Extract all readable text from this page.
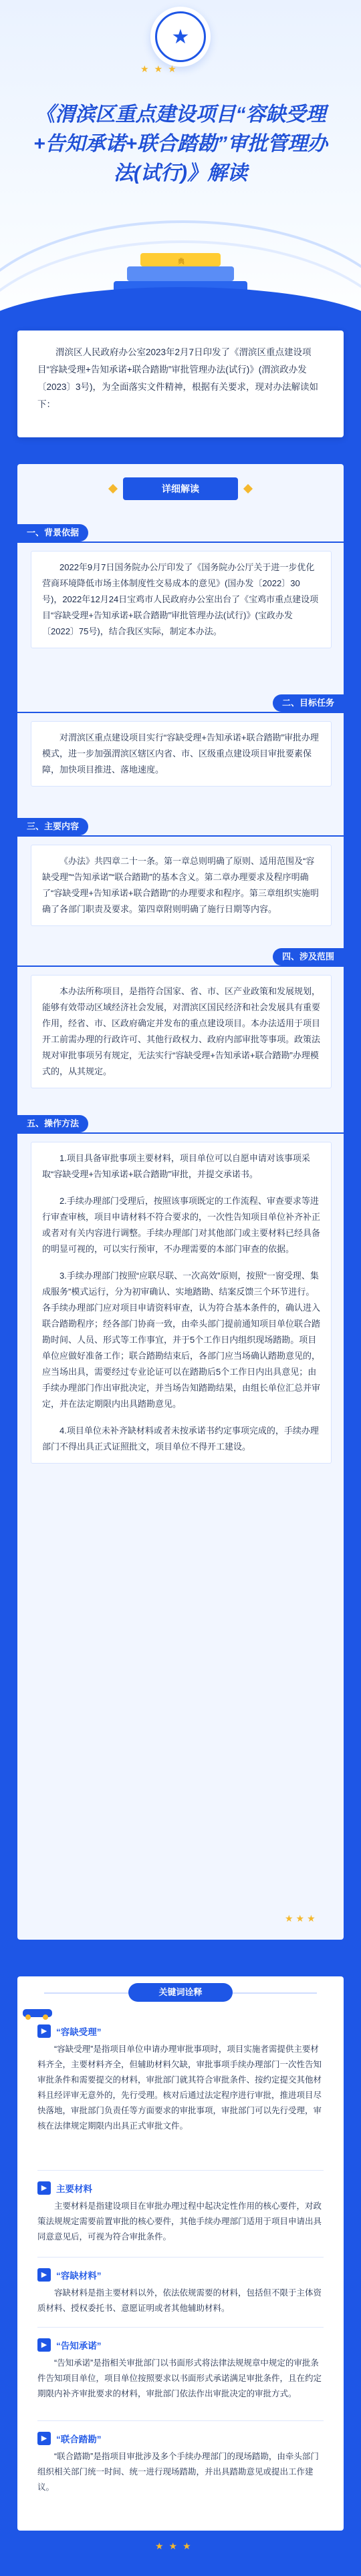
★
★★★
《渭滨区重点建设项目“容缺受理+告知承诺+联合踏勘”审批管理办法(试行)》解读
典

渭滨区人民政府办公室2023年2月7日印发了《渭滨区重点建设项目“容缺受理+告知承诺+联合踏勘”审批管理办法(试行)》(渭滨政办发〔2023〕3号)，为全面落实文件精神，根据有关要求，现对办法解读如下：

详细解读
一、背景依据

2022年9月7日国务院办公厅印发了《国务院办公厅关于进一步优化营商环境降低市场主体制度性交易成本的意见》(国办发〔2022〕30号)，2022年12月24日宝鸡市人民政府办公室出台了《宝鸡市重点建设项目“容缺受理+告知承诺+联合踏勘”审批管理办法(试行)》(宝政办发〔2022〕75号)，结合我区实际，制定本办法。

二、目标任务

对渭滨区重点建设项目实行“容缺受理+告知承诺+联合踏勘”审批办理模式，进一步加强渭滨区辖区内省、市、区级重点建设项目审批要素保障，加快项目推进、落地速度。

三、主要内容

《办法》共四章二十一条。第一章总则明确了原则、适用范围及“容缺受理”“告知承诺”“联合踏勘”的基本含义。第二章办理要求及程序明确了“容缺受理+告知承诺+联合踏勘”的办理要求和程序。第三章组织实施明确了各部门职责及要求。第四章附则明确了施行日期等内容。

四、涉及范围

本办法所称项目，是指符合国家、省、市、区产业政策和发展规划，能够有效带动区域经济社会发展，对渭滨区国民经济和社会发展具有重要作用，经省、市、区政府确定并发布的重点建设项目。本办法适用于项目开工前需办理的行政许可、其他行政权力、政府内部审批等事项。政策法规对审批事项另有规定，无法实行“容缺受理+告知承诺+联合踏勘”办理模式的，从其规定。

五、操作方法

1.项目具备审批事项主要材料，项目单位可以自愿申请对该事项采取“容缺受理+告知承诺+联合踏勘”审批，并提交承诺书。

2.手续办理部门受理后，按照该事项既定的工作流程、审查要求等进行审查审核，项目申请材料不符合要求的，一次性告知项目单位补齐补正或者对有关内容进行调整。手续办理部门对其他部门或主要材料已经具备的明显可视的，可以实行预审，不办理需要的本部门审查的依据。

3.手续办理部门按照“应联尽联、一次高效”原则，按照“一窗受理、集成服务”模式运行，分为初审确认、实地踏勘、结案反馈三个环节进行。各手续办理部门应对项目申请资料审查，认为符合基本条件的，确认进入联合踏勘程序；经各部门协商一致，由牵头部门提前通知项目单位联合踏勘时间、人员、形式等工作事宜，并于5个工作日内组织现场踏勘。项目单位应做好准备工作；联合踏勘结束后，各部门应当场确认踏勘意见的，应当场出具，需要经过专业论证可以在踏勘后5个工作日内出具意见；由手续办理部门作出审批决定，并当场告知踏勘结果，由组长单位汇总并审定，并在法定期限内出具踏勘意见。

4.项目单位未补齐缺材料或者未按承诺书约定事项完成的，手续办理部门不得出具正式证照批文，项目单位不得开工建设。

★★★
关键词诠释
▶	“容缺受理”
“容缺受理”是指项目单位申请办理审批事项时，项目实施者需提供主要材料齐全，主要材料齐全，但辅助材料欠缺，审批事项手续办理部门一次性告知审批条件和需要提交的材料，审批部门就其符合审批条件、按约定提交其他材料且经评审无意外的，先行受理。核对后通过法定程序进行审批，推进项目尽快落地，审批部门负责任等方面要求的审批事项，审批部门可以先行受理，审核在法律规定期限内出具正式审批文件。
▶	主要材料
主要材料是指建设项目在审批办理过程中起决定性作用的核心要件，对政策法规规定需要前置审批的核心要件，其他手续办理部门适用于项目申请出具同意意见后，可视为符合审批条件。
▶	“容缺材料”
容缺材料是指主要材料以外，依法依规需要的材料，包括但不限于主体资质材料、授权委托书、意愿证明或者其他辅助材料。
▶	“告知承诺”
“告知承诺”是指相关审批部门以书面形式将法律法规规章中规定的审批条件告知项目单位，项目单位按照要求以书面形式承诺满足审批条件，且在约定期限内补齐审批要求的材料，审批部门依法作出审批决定的审批方式。
▶	“联合踏勘”
“联合踏勘”是指项目审批涉及多个手续办理部门的现场踏勘，由牵头部门组织相关部门统一时间、统一进行现场踏勘，并出具踏勘意见或提出工作建议。
★★★
